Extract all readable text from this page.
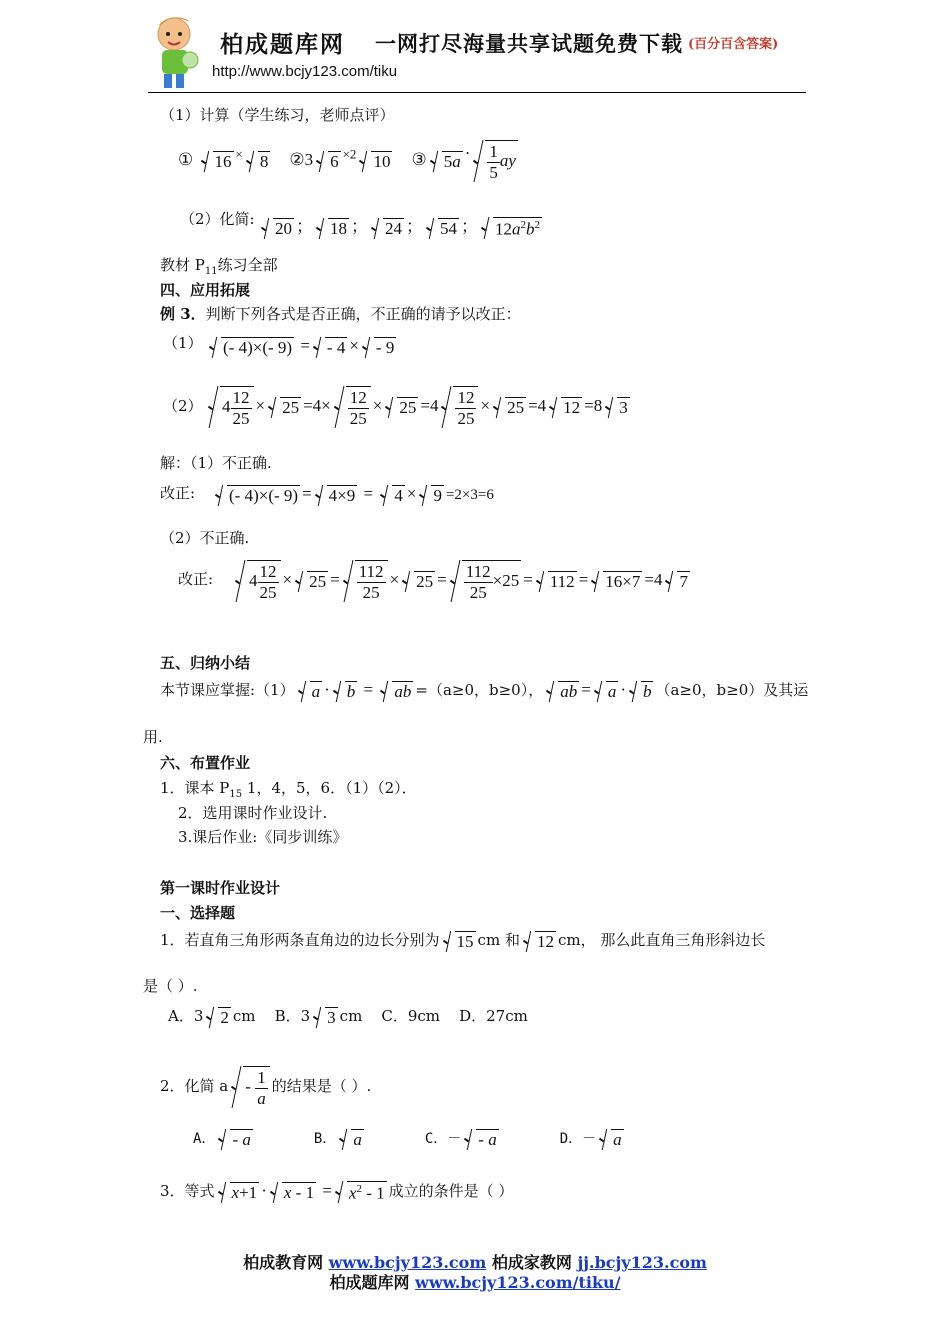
柏成题库网 一网打尽海量共享试题免费下载 (百分百含答案)
http://www.bcjy123.com/tiku
（1）计算（学生练习，老师点评）
① 16 × 8 ②3 6 $^{\times 2}$ 10 ③ $5a \cdot \frac{1}{5}$ ay
（2）化简:	20 ； 18 ； 24 ； 54 ； $12a^2b^2$
教材 $P_{11}$练习全部
四、应用拓展
例 3．判断下列各式是否正确，不正确的请予以改正：
（1）	(- 4)×(- 9) = - 4 × - 9
（2）	$4 \frac{12}{25} \times 25 =4\times \frac{12}{25} \times 25 =4 \frac{12}{25} \times 25 =4$ 12 =8 3
解：（1）不正确.
改正:	(- 4)×(- 9) = 4×9 = 4 × 9 =2×3=6
（2）不正确.
改正:	$4 \frac{12}{25} \times 25 = \frac{112}{25} \times 25 = \frac{112}{25} \times 25 = 112 = 16\times 7 =4$ 7
五、归纳小结
本节课应掌握:（1） a · b = ab =（a≥0，b≥0）， ab = a · b （a≥0，b≥0）及其运
用.
六、布置作业
1．课本 $P_{15}$ 1，4，5，6．（1）（2）．
2．选用课时作业设计.
3.课后作业:《同步训练》
第一课时作业设计
一、选择题
1．若直角三角形两条直角边的边长分别为 15 cm 和 12 cm， 那么此直角三角形斜边长
是（ ）.
A．3 2 cm B．3 3 cm C．9cm D．27cm
2．化简 a - $\frac{1}{a}$ 的结果是（ ）.
A． - a	B． a	C．－ - a	D．－ a
3．等式 $x+1 \cdot x - 1 = x^2 - 1$ 成立的条件是（ ）
柏成教育网 www.bcjy123.com 柏成家教网 jj.bcjy123.com
柏成题库网 www.bcjy123.com/tiku/
